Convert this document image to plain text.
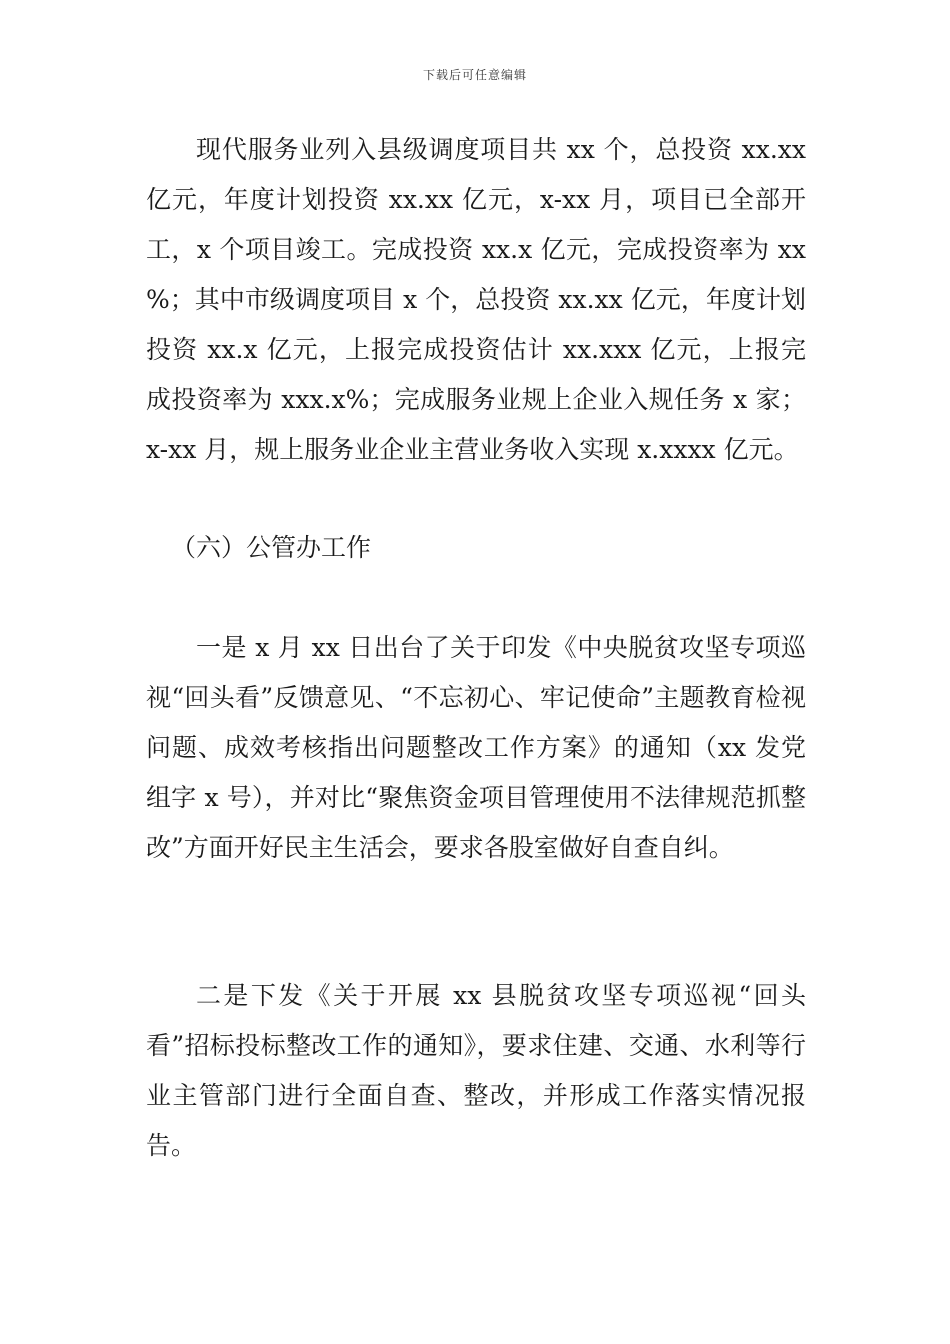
下载后可任意编辑

现代服务业列入县级调度项目共 xx 个，总投资 xx.xx 亿元，年度计划投资 xx.xx 亿元，x-xx 月，项目已全部开工，x 个项目竣工。完成投资 xx.x 亿元，完成投资率为 xx %；其中市级调度项目 x 个，总投资 xx.xx 亿元，年度计划投资 xx.x 亿元，上报完成投资估计 xx.xxx 亿元，上报完成投资率为 xxx.x%；完成服务业规上企业入规任务 x 家；x-xx 月，规上服务业企业主营业务收入实现 x.xxxx 亿元。

（六）公管办工作

一是 x 月 xx 日出台了关于印发《中央脱贫攻坚专项巡视“回头看”反馈意见、“不忘初心、牢记使命”主题教育检视问题、成效考核指出问题整改工作方案》的通知（xx 发党组字 x 号），并对比“聚焦资金项目管理使用不法律规范抓整改”方面开好民主生活会，要求各股室做好自查自纠。

二是下发《关于开展 xx 县脱贫攻坚专项巡视“回头看”招标投标整改工作的通知》，要求住建、交通、水利等行业主管部门进行全面自查、整改，并形成工作落实情况报告。
